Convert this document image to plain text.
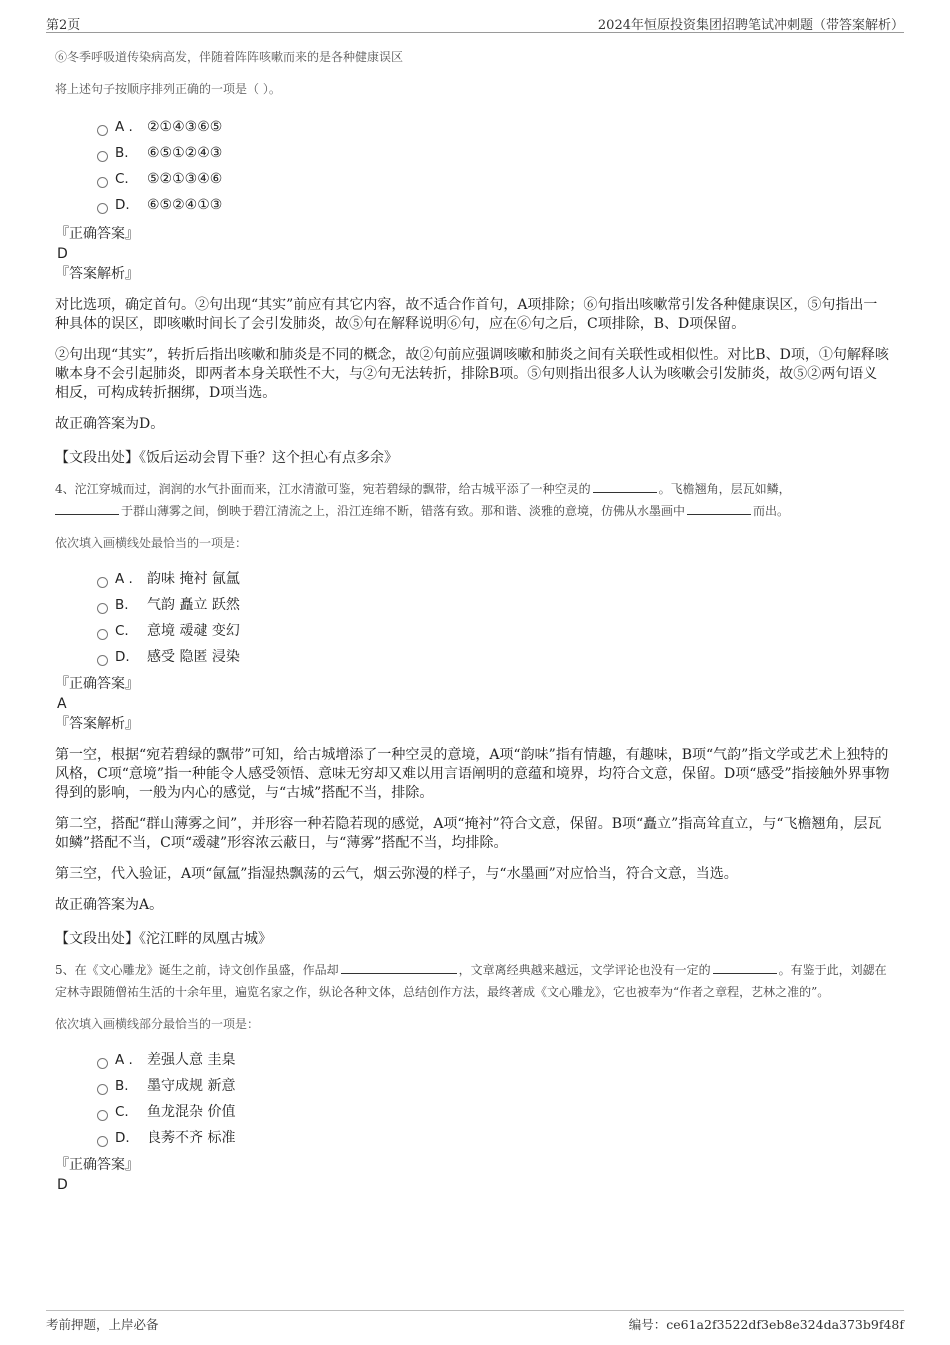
第2页	2024年恒原投资集团招聘笔试冲刺题（带答案解析）
⑥冬季呼吸道传染病高发，伴随着阵阵咳嗽而来的是各种健康误区
将上述句子按顺序排列正确的一项是（ ）。
A .	②①④③⑥⑤
B.	⑥⑤①②④③
C.	⑤②①③④⑥
D.	⑥⑤②④①③
『正确答案』
D
『答案解析』

对比选项，确定首句。②句出现“其实”前应有其它内容，故不适合作首句，A项排除；⑥句指出咳嗽常引发各种健康误区，⑤句指出一种具体的误区，即咳嗽时间长了会引发肺炎，故⑤句在解释说明⑥句，应在⑥句之后，C项排除，B、D项保留。

②句出现“其实”，转折后指出咳嗽和肺炎是不同的概念，故②句前应强调咳嗽和肺炎之间有关联性或相似性。对比B、D项，①句解释咳嗽本身不会引起肺炎，即两者本身关联性不大，与②句无法转折，排除B项。⑤句则指出很多人认为咳嗽会引发肺炎，故⑤②两句语义相反，可构成转折捆绑，D项当选。

故正确答案为D。

【文段出处】《饭后运动会胃下垂？这个担心有点多余》
4、沱江穿城而过，润润的水气扑面而来，江水清澈可鉴，宛若碧绿的飘带，给古城平添了一种空灵的	。飞檐翘角，层瓦如鳞，
于群山薄雾之间，倒映于碧江清流之上，沿江连绵不断，错落有致。那和谐、淡雅的意境，仿佛从水墨画中	而出。
依次填入画横线处最恰当的一项是：
A .	韵味 掩衬 氤氲
B.	气韵 矗立 跃然
C.	意境 叆叇 变幻
D.	感受 隐匿 浸染
『正确答案』
A
『答案解析』

第一空，根据“宛若碧绿的飘带”可知，给古城增添了一种空灵的意境，A项“韵味”指有情趣，有趣味，B项“气韵”指文学或艺术上独特的风格，C项“意境”指一种能令人感受领悟、意味无穷却又难以用言语阐明的意蕴和境界，均符合文意，保留。D项“感受”指接触外界事物得到的影响，一般为内心的感觉，与“古城”搭配不当，排除。

第二空，搭配“群山薄雾之间”，并形容一种若隐若现的感觉，A项“掩衬”符合文意，保留。B项“矗立”指高耸直立，与“飞檐翘角，层瓦如鳞”搭配不当，C项“叆叇”形容浓云蔽日，与“薄雾”搭配不当，均排除。

第三空，代入验证，A项“氤氲”指湿热飘荡的云气，烟云弥漫的样子，与“水墨画”对应恰当，符合文意，当选。

故正确答案为A。

【文段出处】《沱江畔的凤凰古城》
5、在《文心雕龙》诞生之前，诗文创作虽盛，作品却	，文章离经典越来越远，文学评论也没有一定的	。有鉴于此，刘勰在定林寺跟随僧祐生活的十余年里，遍览名家之作，纵论各种文体，总结创作方法，最终著成《文心雕龙》，它也被奉为“作者之章程，艺林之准的”。
依次填入画横线部分最恰当的一项是：
A .	差强人意 圭臬
B.	墨守成规 新意
C.	鱼龙混杂 价值
D.	良莠不齐 标准
『正确答案』
D
考前押题，上岸必备	编号：ce61a2f3522df3eb8e324da373b9f48f
